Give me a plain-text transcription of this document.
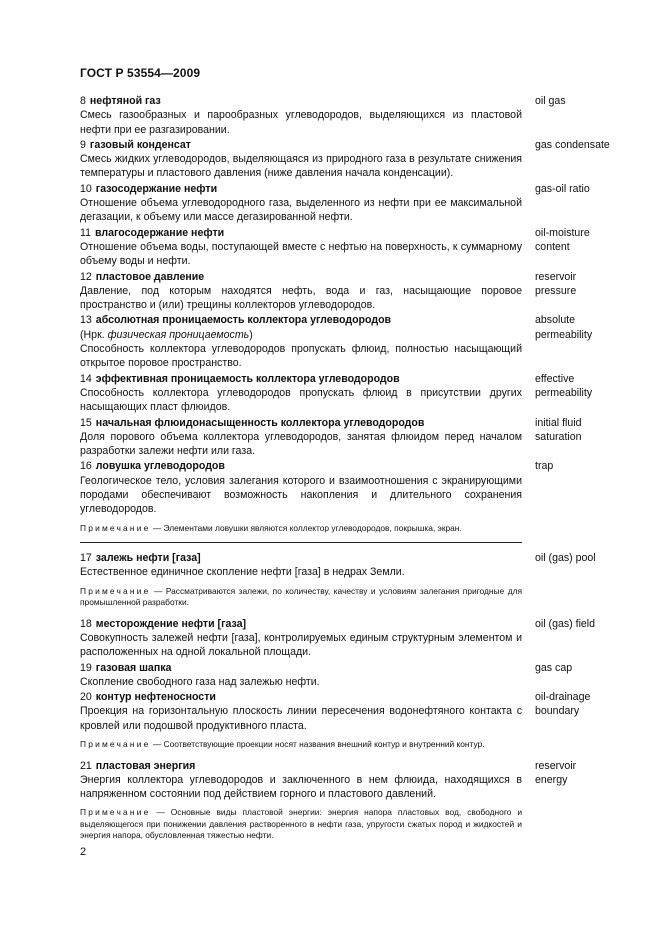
ГОСТ Р 53554—2009
8 нефтяной газ
Смесь газообразных и парообразных углеводородов, выделяющихся из пластовой нефти при ее разгазировании.
oil gas
9 газовый конденсат
Смесь жидких углеводородов, выделяющаяся из природного газа в результате снижения температуры и пластового давления (ниже давления начала конденсации).
gas condensate
10 газосодержание нефти
Отношение объема углеводородного газа, выделенного из нефти при ее максимальной дегазации, к объему или массе дегазированной нефти.
gas-oil ratio
11 влагосодержание нефти
Отношение объема воды, поступающей вместе с нефтью на поверхность, к суммарному объему воды и нефти.
oil-moisture content
12 пластовое давление
Давление, под которым находятся нефть, вода и газ, насыщающие поровое пространство и (или) трещины коллекторов углеводородов.
reservoir pressure
13 абсолютная проницаемость коллектора углеводородов
(Нрк. физическая проницаемость)
Способность коллектора углеводородов пропускать флюид, полностью насыщающий открытое поровое пространство.
absolute permeability
14 эффективная проницаемость коллектора углеводородов
Способность коллектора углеводородов пропускать флюид в присутствии других насыщающих пласт флюидов.
effective permeability
15 начальная флюидонасыщенность коллектора углеводородов
Доля порового объема коллектора углеводородов, занятая флюидом перед началом разработки залежи нефти или газа.
initial fluid saturation
16 ловушка углеводородов
Геологическое тело, условия залегания которого и взаимоотношения с экранирующими породами обеспечивают возможность накопления и длительного сохранения углеводородов.
trap
Примечание — Элементами ловушки являются коллектор углеводородов, покрышка, экран.
17 залежь нефти [газа]
Естественное единичное скопление нефти [газа] в недрах Земли.
oil (gas) pool
Примечание — Рассматриваются залежи, по количеству, качеству и условиям залегания пригодные для промышленной разработки.
18 месторождение нефти [газа]
Совокупность залежей нефти [газа], контролируемых единым структурным элементом и расположенных на одной локальной площади.
oil (gas) field
19 газовая шапка
Скопление свободного газа над залежью нефти.
gas cap
20 контур нефтеносности
Проекция на горизонтальную плоскость линии пересечения водонефтяного контакта с кровлей или подошвой продуктивного пласта.
oil-drainage boundary
Примечание — Соответствующие проекции носят названия внешний контур и внутренний контур.
21 пластовая энергия
Энергия коллектора углеводородов и заключенного в нем флюида, находящихся в напряженном состоянии под действием горного и пластового давлений.
reservoir energy
Примечание — Основные виды пластовой энергии: энергия напора пластовых вод, свободного и выделяющегося при понижении давления растворенного в нефти газа, упругости сжатых пород и жидкостей и энергия напора, обусловленная тяжестью нефти.
2
